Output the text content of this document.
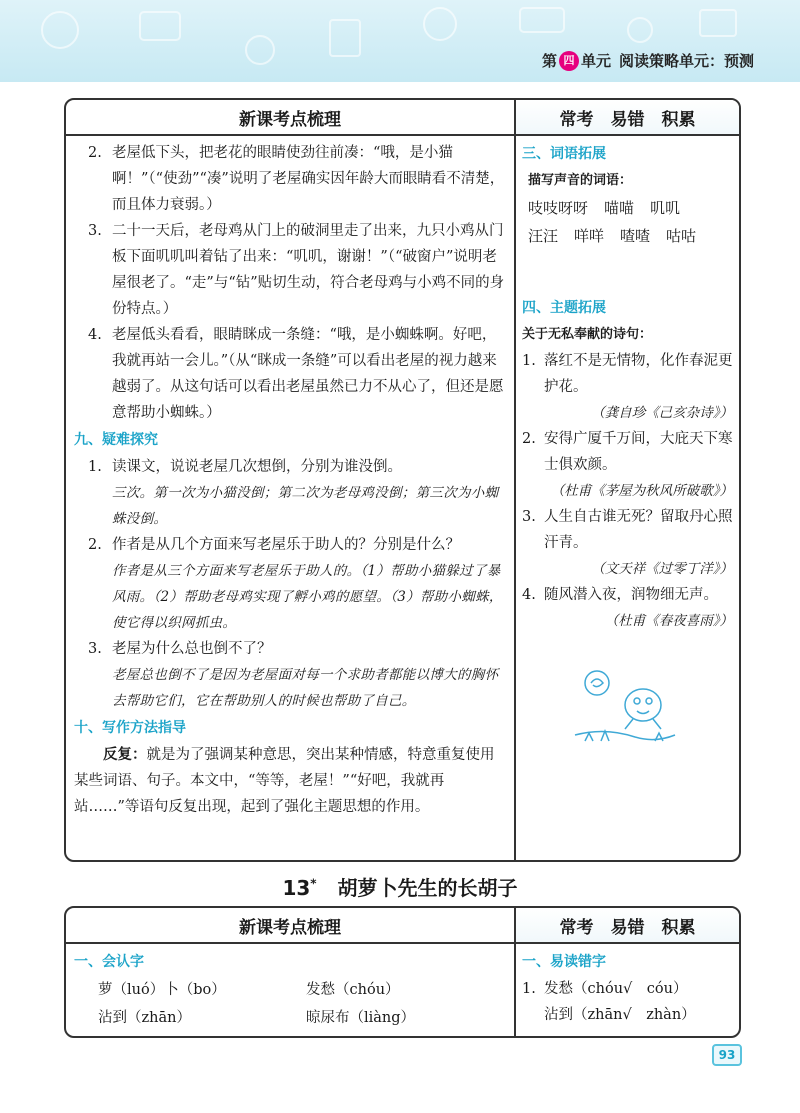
第 四 单元 阅读策略单元：预测
新课考点梳理	常考　易错　积累
2. 老屋低下头，把老花的眼睛使劲往前凑：“哦，是小猫啊！”（“使劲”“凑”说明了老屋确实因年龄大而眼睛看不清楚，而且体力衰弱。）
3. 二十一天后，老母鸡从门上的破洞里走了出来，九只小鸡从门板下面叽叽叫着钻了出来：“叽叽，谢谢！”（“破窗户”说明老屋很老了。“走”与“钻”贴切生动，符合老母鸡与小鸡不同的身份特点。）
4. 老屋低头看看，眼睛眯成一条缝：“哦，是小蜘蛛啊。好吧，我就再站一会儿。”（从“眯成一条缝”可以看出老屋的视力越来越弱了。从这句话可以看出老屋虽然已力不从心了，但还是愿意帮助小蜘蛛。）
九、疑难探究
1. 读课文，说说老屋几次想倒，分别为谁没倒。
三次。第一次为小猫没倒；第二次为老母鸡没倒；第三次为小蜘蛛没倒。
2. 作者是从几个方面来写老屋乐于助人的？分别是什么？
作者是从三个方面来写老屋乐于助人的。（1）帮助小猫躲过了暴风雨。（2）帮助老母鸡实现了孵小鸡的愿望。（3）帮助小蜘蛛，使它得以织网抓虫。
3. 老屋为什么总也倒不了？
老屋总也倒不了是因为老屋面对每一个求助者都能以博大的胸怀去帮助它们，它在帮助别人的时候也帮助了自己。
十、写作方法指导
反复：就是为了强调某种意思，突出某种情感，特意重复使用某些词语、句子。本文中，“等等，老屋！”“好吧，我就再站……”等语句反复出现，起到了强化主题思想的作用。
三、词语拓展
描写声音的词语：
吱吱呀呀 喵喵 叽叽
汪汪 咩咩 喳喳 咕咕
四、主题拓展
关于无私奉献的诗句：
1. 落红不是无情物，化作春泥更护花。
（龚自珍《己亥杂诗》）
2. 安得广厦千万间，大庇天下寒士俱欢颜。
（杜甫《茅屋为秋风所破歌》）
3. 人生自古谁无死？留取丹心照汗青。
（文天祥《过零丁洋》）
4. 随风潜入夜，润物细无声。
（杜甫《春夜喜雨》）
13* 胡萝卜先生的长胡子
新课考点梳理	常考　易错　积累
一、会认字
萝（luó）卜（bo）	发愁（chóu）
沾到（zhān）	晾尿布（liàng）
一、易读错字
1. 发愁（chóu√　cóu）
沾到（zhān√　zhàn）
93
